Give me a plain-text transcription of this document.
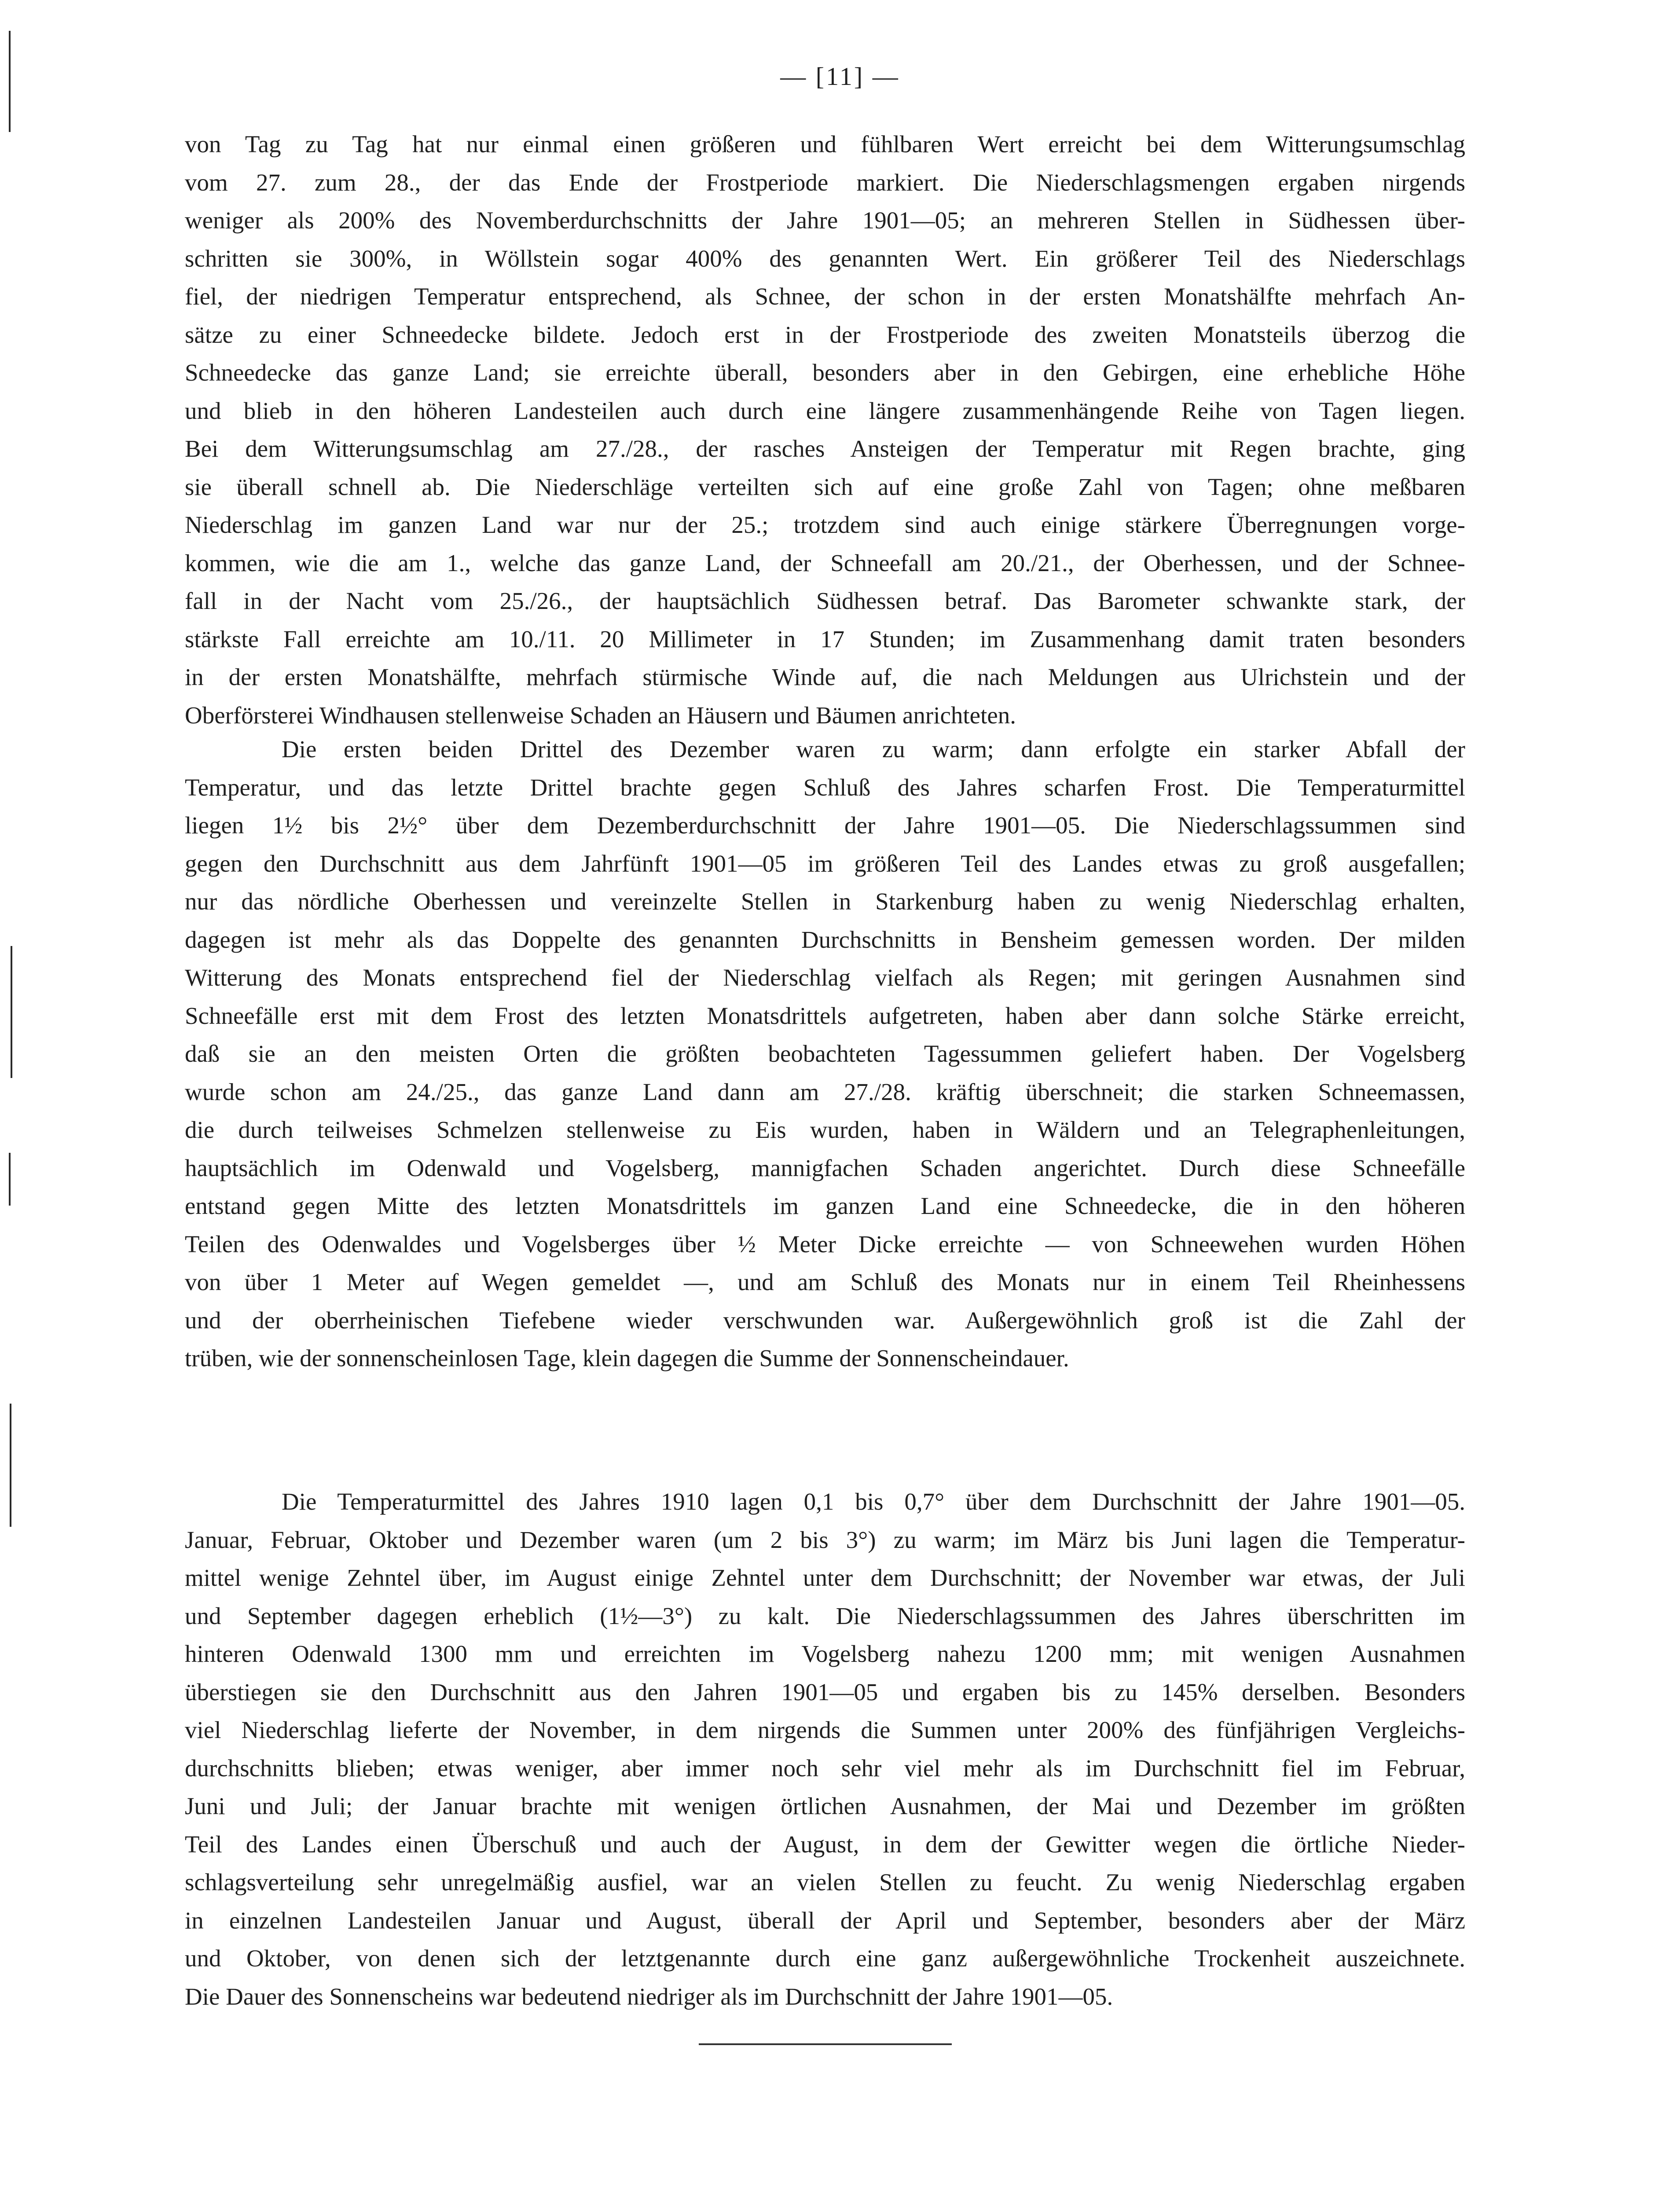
— [11] —
von Tag zu Tag hat nur einmal einen größeren und fühlbaren Wert erreicht bei dem Witterungsumschlag
vom 27. zum 28., der das Ende der Frostperiode markiert. Die Niederschlagsmengen ergaben nirgends
weniger als 200% des Novemberdurchschnitts der Jahre 1901—05; an mehreren Stellen in Südhessen über-
schritten sie 300%, in Wöllstein sogar 400% des genannten Wert. Ein größerer Teil des Niederschlags
fiel, der niedrigen Temperatur entsprechend, als Schnee, der schon in der ersten Monatshälfte mehrfach An-
sätze zu einer Schneedecke bildete. Jedoch erst in der Frostperiode des zweiten Monatsteils überzog die
Schneedecke das ganze Land; sie erreichte überall, besonders aber in den Gebirgen, eine erhebliche Höhe
und blieb in den höheren Landesteilen auch durch eine längere zusammenhängende Reihe von Tagen liegen.
Bei dem Witterungsumschlag am 27./28., der rasches Ansteigen der Temperatur mit Regen brachte, ging
sie überall schnell ab. Die Niederschläge verteilten sich auf eine große Zahl von Tagen; ohne meßbaren
Niederschlag im ganzen Land war nur der 25.; trotzdem sind auch einige stärkere Überregnungen vorge-
kommen, wie die am 1., welche das ganze Land, der Schneefall am 20./21., der Oberhessen, und der Schnee-
fall in der Nacht vom 25./26., der hauptsächlich Südhessen betraf. Das Barometer schwankte stark, der
stärkste Fall erreichte am 10./11. 20 Millimeter in 17 Stunden; im Zusammenhang damit traten besonders
in der ersten Monatshälfte, mehrfach stürmische Winde auf, die nach Meldungen aus Ulrichstein und der
Oberförsterei Windhausen stellenweise Schaden an Häusern und Bäumen anrichteten.
Die ersten beiden Drittel des Dezember waren zu warm; dann erfolgte ein starker Abfall der
Temperatur, und das letzte Drittel brachte gegen Schluß des Jahres scharfen Frost. Die Temperaturmittel
liegen 1½ bis 2½° über dem Dezemberdurchschnitt der Jahre 1901—05. Die Niederschlagssummen sind
gegen den Durchschnitt aus dem Jahrfünft 1901—05 im größeren Teil des Landes etwas zu groß ausgefallen;
nur das nördliche Oberhessen und vereinzelte Stellen in Starkenburg haben zu wenig Niederschlag erhalten,
dagegen ist mehr als das Doppelte des genannten Durchschnitts in Bensheim gemessen worden. Der milden
Witterung des Monats entsprechend fiel der Niederschlag vielfach als Regen; mit geringen Ausnahmen sind
Schneefälle erst mit dem Frost des letzten Monatsdrittels aufgetreten, haben aber dann solche Stärke erreicht,
daß sie an den meisten Orten die größten beobachteten Tagessummen geliefert haben. Der Vogelsberg
wurde schon am 24./25., das ganze Land dann am 27./28. kräftig überschneit; die starken Schneemassen,
die durch teilweises Schmelzen stellenweise zu Eis wurden, haben in Wäldern und an Telegraphenleitungen,
hauptsächlich im Odenwald und Vogelsberg, mannigfachen Schaden angerichtet. Durch diese Schneefälle
entstand gegen Mitte des letzten Monatsdrittels im ganzen Land eine Schneedecke, die in den höheren
Teilen des Odenwaldes und Vogelsberges über ½ Meter Dicke erreichte — von Schneewehen wurden Höhen
von über 1 Meter auf Wegen gemeldet —, und am Schluß des Monats nur in einem Teil Rheinhessens
und der oberrheinischen Tiefebene wieder verschwunden war. Außergewöhnlich groß ist die Zahl der
trüben, wie der sonnenscheinlosen Tage, klein dagegen die Summe der Sonnenscheindauer.
Die Temperaturmittel des Jahres 1910 lagen 0,1 bis 0,7° über dem Durchschnitt der Jahre 1901—05.
Januar, Februar, Oktober und Dezember waren (um 2 bis 3°) zu warm; im März bis Juni lagen die Temperatur-
mittel wenige Zehntel über, im August einige Zehntel unter dem Durchschnitt; der November war etwas, der Juli
und September dagegen erheblich (1½—3°) zu kalt. Die Niederschlagssummen des Jahres überschritten im
hinteren Odenwald 1300 mm und erreichten im Vogelsberg nahezu 1200 mm; mit wenigen Ausnahmen
überstiegen sie den Durchschnitt aus den Jahren 1901—05 und ergaben bis zu 145% derselben. Besonders
viel Niederschlag lieferte der November, in dem nirgends die Summen unter 200% des fünfjährigen Vergleichs-
durchschnitts blieben; etwas weniger, aber immer noch sehr viel mehr als im Durchschnitt fiel im Februar,
Juni und Juli; der Januar brachte mit wenigen örtlichen Ausnahmen, der Mai und Dezember im größten
Teil des Landes einen Überschuß und auch der August, in dem der Gewitter wegen die örtliche Nieder-
schlagsverteilung sehr unregelmäßig ausfiel, war an vielen Stellen zu feucht. Zu wenig Niederschlag ergaben
in einzelnen Landesteilen Januar und August, überall der April und September, besonders aber der März
und Oktober, von denen sich der letztgenannte durch eine ganz außergewöhnliche Trockenheit auszeichnete.
Die Dauer des Sonnenscheins war bedeutend niedriger als im Durchschnitt der Jahre 1901—05.
